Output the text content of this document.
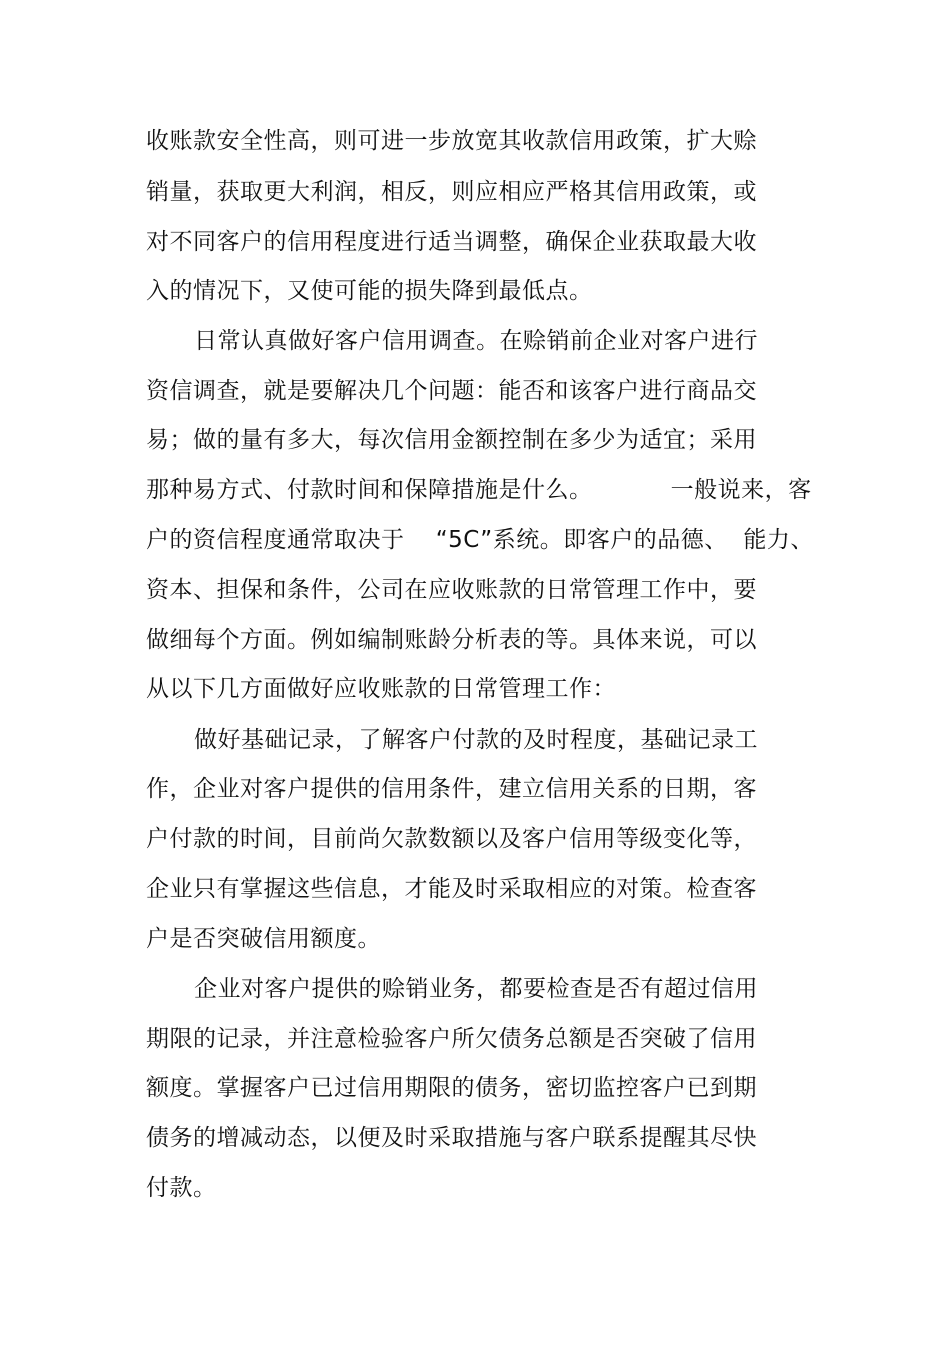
收账款安全性高，则可进一步放宽其收款信用政策，扩大赊
销量，获取更大利润，相反，则应相应严格其信用政策，或
对不同客户的信用程度进行适当调整，确保企业获取最大收
入的情况下，又使可能的损失降到最低点。
日常认真做好客户信用调查。在赊销前企业对客户进行
资信调查，就是要解决几个问题：能否和该客户进行商品交
易；做的量有多大，每次信用金额控制在多少为适宜；采用
那种易方式、付款时间和保障措施是什么。          一般说来，客
户的资信程度通常取决于    “5C”系统。即客户的品德、  能力、
资本、担保和条件，公司在应收账款的日常管理工作中，要
做细每个方面。例如编制账龄分析表的等。具体来说，可以
从以下几方面做好应收账款的日常管理工作：
做好基础记录，了解客户付款的及时程度，基础记录工
作，企业对客户提供的信用条件，建立信用关系的日期，客
户付款的时间，目前尚欠款数额以及客户信用等级变化等，
企业只有掌握这些信息，才能及时采取相应的对策。检查客
户是否突破信用额度。
企业对客户提供的赊销业务，都要检查是否有超过信用
期限的记录，并注意检验客户所欠债务总额是否突破了信用
额度。掌握客户已过信用期限的债务，密切监控客户已到期
债务的增减动态，以便及时采取措施与客户联系提醒其尽快
付款。
